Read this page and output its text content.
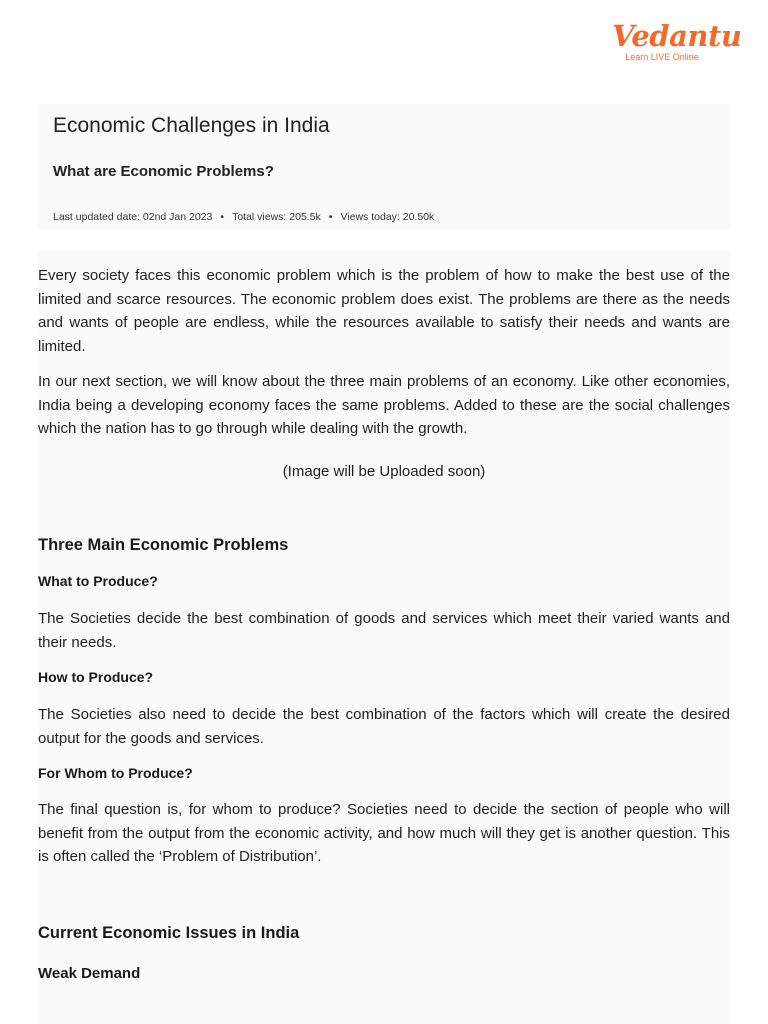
Vedantu
Learn LIVE Online
Economic Challenges in India
What are Economic Problems?
Last updated date: 02nd Jan 2023 • Total views: 205.5k • Views today: 20.50k

Every society faces this economic problem which is the problem of how to make the best use of the limited and scarce resources. The economic problem does exist. The problems are there as the needs and wants of people are endless, while the resources available to satisfy their needs and wants are limited.

In our next section, we will know about the three main problems of an economy. Like other economies, India being a developing economy faces the same problems. Added to these are the social challenges which the nation has to go through while dealing with the growth.

(Image will be Uploaded soon)
Three Main Economic Problems
What to Produce?

The Societies decide the best combination of goods and services which meet their varied wants and their needs.

How to Produce?

The Societies also need to decide the best combination of the factors which will create the desired output for the goods and services.

For Whom to Produce?

The final question is, for whom to produce? Societies need to decide the section of people who will benefit from the output from the economic activity, and how much will they get is another question. This is often called the ‘Problem of Distribution’.

Current Economic Issues in India
Weak Demand
